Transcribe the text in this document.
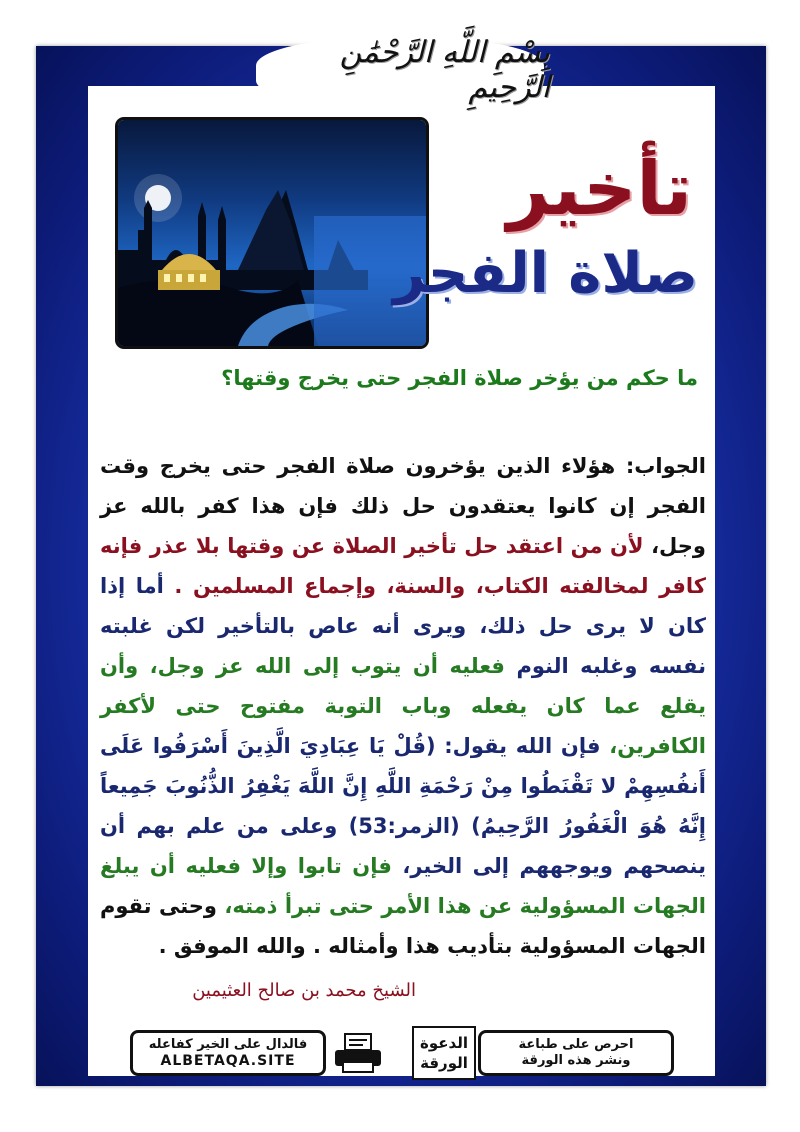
بِسْمِ اللَّهِ الرَّحْمَٰنِ الرَّحِيمِ
تأخير
صلاة الفجر
ما حكم من يؤخر صلاة الفجر حتى يخرج وقتها؟
الجواب: هؤلاء الذين يؤخرون صلاة الفجر حتى يخرج وقت الفجر إن كانوا يعتقدون حل ذلك فإن هذا كفر بالله عز وجل، لأن من اعتقد حل تأخير الصلاة عن وقتها بلا عذر فإنه كافر لمخالفته الكتاب، والسنة، وإجماع المسلمين . أما إذا كان لا يرى حل ذلك، ويرى أنه عاص بالتأخير لكن غلبته نفسه وغلبه النوم فعليه أن يتوب إلى الله عز وجل، وأن يقلع عما كان يفعله وباب التوبة مفتوح حتى لأكفر الكافرين، فإن الله يقول: (قُلْ يَا عِبَادِيَ الَّذِينَ أَسْرَفُوا عَلَى أَنفُسِهِمْ لا تَقْنَطُوا مِنْ رَحْمَةِ اللَّهِ إِنَّ اللَّهَ يَغْفِرُ الذُّنُوبَ جَمِيعاً إِنَّهُ هُوَ الْغَفُورُ الرَّحِيمُ) (الزمر:53) وعلى من علم بهم أن ينصحهم ويوجههم إلى الخير، فإن تابوا وإلا فعليه أن يبلغ الجهات المسؤولية عن هذا الأمر حتى تبرأ ذمته، وحتى تقوم الجهات المسؤولية بتأديب هذا وأمثاله . والله الموفق .
الشيخ محمد بن صالح العثيمين
فالدال على الخير كفاعله
ALBETAQA.SITE
الدعوة
الورقة
احرص على طباعة
ونشر هذه الورقة
